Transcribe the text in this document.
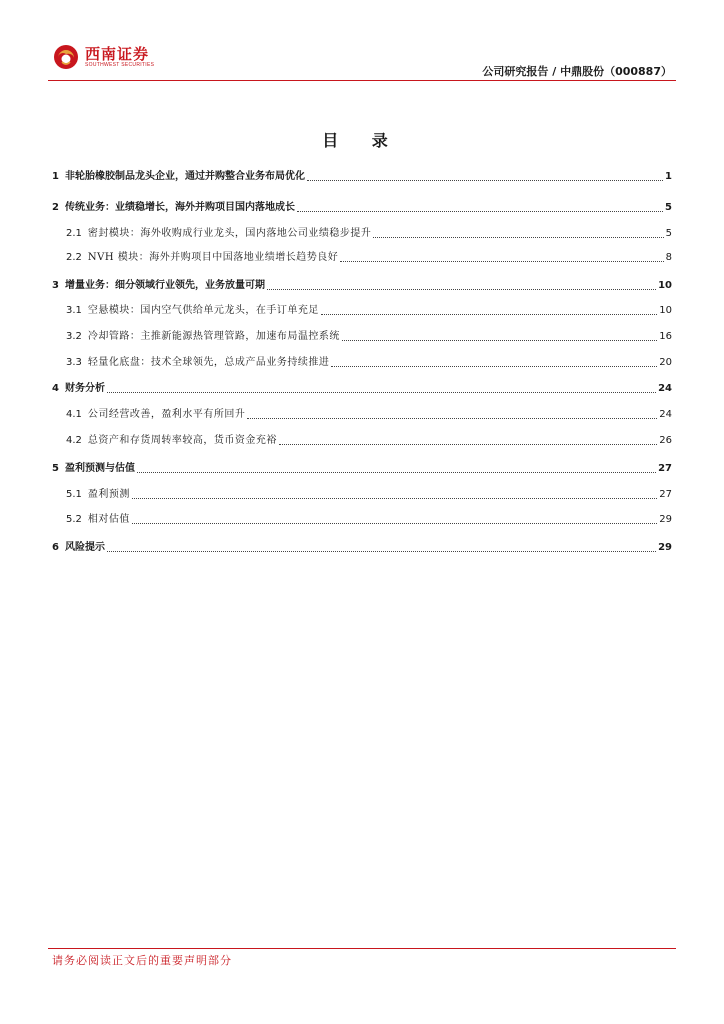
西南证券
SOUTHWEST SECURITIES
公司研究报告 / 中鼎股份（000887）
目 录
1 非轮胎橡胶制品龙头企业，通过并购整合业务布局优化	1
2 传统业务：业绩稳增长，海外并购项目国内落地成长	5
2.1 密封模块：海外收购成行业龙头，国内落地公司业绩稳步提升	5
2.2 NVH 模块：海外并购项目中国落地业绩增长趋势良好	8
3 增量业务：细分领域行业领先，业务放量可期	10
3.1 空悬模块：国内空气供给单元龙头，在手订单充足	10
3.2 冷却管路：主推新能源热管理管路，加速布局温控系统	16
3.3 轻量化底盘：技术全球领先，总成产品业务持续推进	20
4 财务分析	24
4.1 公司经营改善，盈利水平有所回升	24
4.2 总资产和存货周转率较高，货币资金充裕	26
5 盈利预测与估值	27
5.1 盈利预测	27
5.2 相对估值	29
6 风险提示	29
请务必阅读正文后的重要声明部分
